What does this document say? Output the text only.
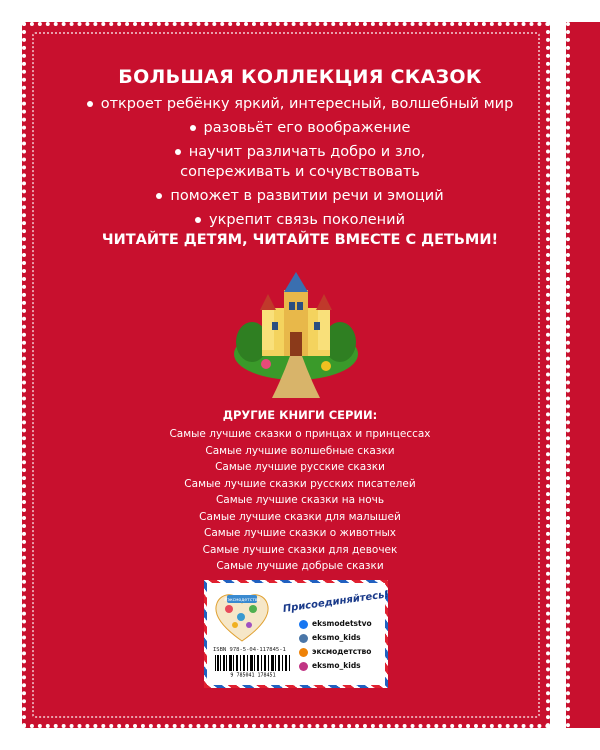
БОЛЬШАЯ КОЛЛЕКЦИЯ СКАЗОК
откроет ребёнку яркий, интересный, волшебный мир
разовьёт его воображение
научит различать добро и зло,
сопереживать и сочувствовать
поможет в развитии речи и эмоций
укрепит связь поколений
ЧИТАЙТЕ ДЕТЯМ, ЧИТАЙТЕ ВМЕСТЕ С ДЕТЬМИ!
ДРУГИЕ КНИГИ СЕРИИ:
Самые лучшие сказки о принцах и принцессах
Самые лучшие волшебные сказки
Самые лучшие русские сказки
Самые лучшие сказки русских писателей
Самые лучшие сказки на ночь
Самые лучшие сказки для малышей
Самые лучшие сказки о животных
Самые лучшие сказки для девочек
Самые лучшие добрые сказки
#эксмодетство
ISBN 978-5-04-117845-1
9 785041 178451
Присоединяйтесь!
eksmodetstvo
eksmo_kids
эксмодетство
eksmo_kids
